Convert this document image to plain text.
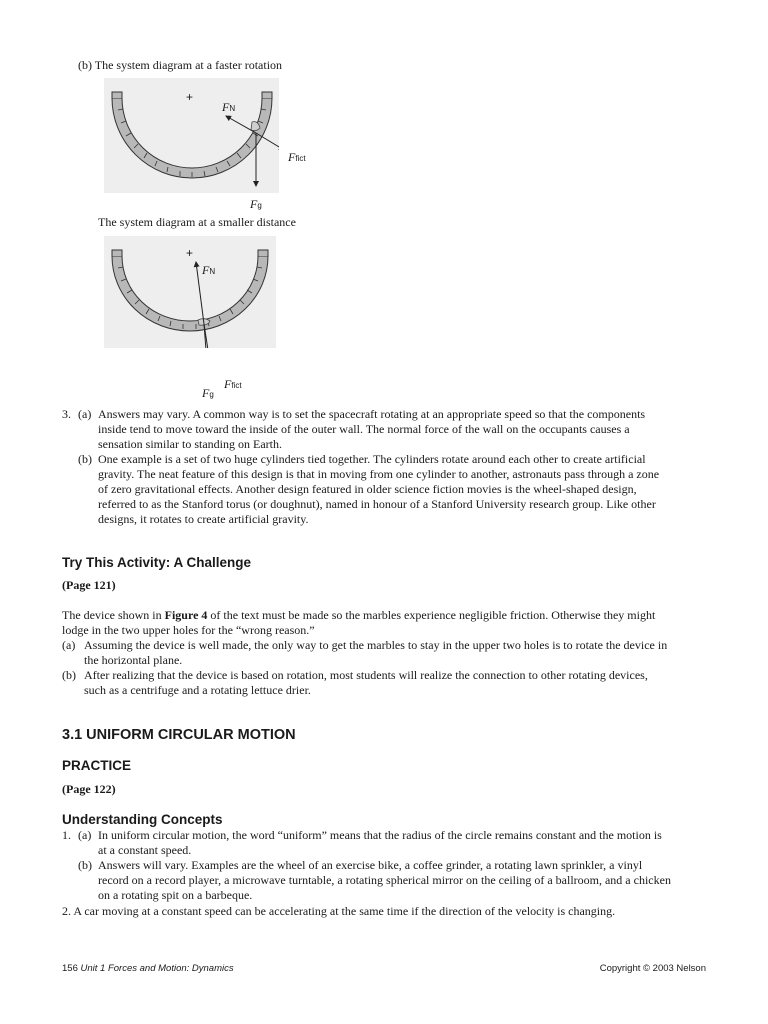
(b) The system diagram at a faster rotation
+
FN
Ffict
Fg
The system diagram at a smaller distance
+
FN
Ffict
Fg
3. (a) Answers may vary. A common way is to set the spacecraft rotating at an appropriate speed so that the components
inside tend to move toward the inside of the outer wall. The normal force of the wall on the occupants causes a
sensation similar to standing on Earth.
(b) One example is a set of two huge cylinders tied together. The cylinders rotate around each other to create artificial
gravity. The neat feature of this design is that in moving from one cylinder to another, astronauts pass through a zone
of zero gravitational effects. Another design featured in older science fiction movies is the wheel-shaped design,
referred to as the Stanford torus (or doughnut), named in honour of a Stanford University research group. Like other
designs, it rotates to create artificial gravity.
Try This Activity: A Challenge
(Page 121)
The device shown in Figure 4 of the text must be made so the marbles experience negligible friction. Otherwise they might
lodge in the two upper holes for the “wrong reason.”
(a) Assuming the device is well made, the only way to get the marbles to stay in the upper two holes is to rotate the device in
the horizontal plane.
(b) After realizing that the device is based on rotation, most students will realize the connection to other rotating devices,
such as a centrifuge and a rotating lettuce drier.
3.1 UNIFORM CIRCULAR MOTION
PRACTICE
(Page 122)
Understanding Concepts
1. (a) In uniform circular motion, the word “uniform” means that the radius of the circle remains constant and the motion is
at a constant speed.
(b) Answers will vary. Examples are the wheel of an exercise bike, a coffee grinder, a rotating lawn sprinkler, a vinyl
record on a record player, a microwave turntable, a rotating spherical mirror on the ceiling of a ballroom, and a chicken
on a rotating spit on a barbeque.
2. A car moving at a constant speed can be accelerating at the same time if the direction of the velocity is changing.
156 Unit 1 Forces and Motion: Dynamics	Copyright © 2003 Nelson
